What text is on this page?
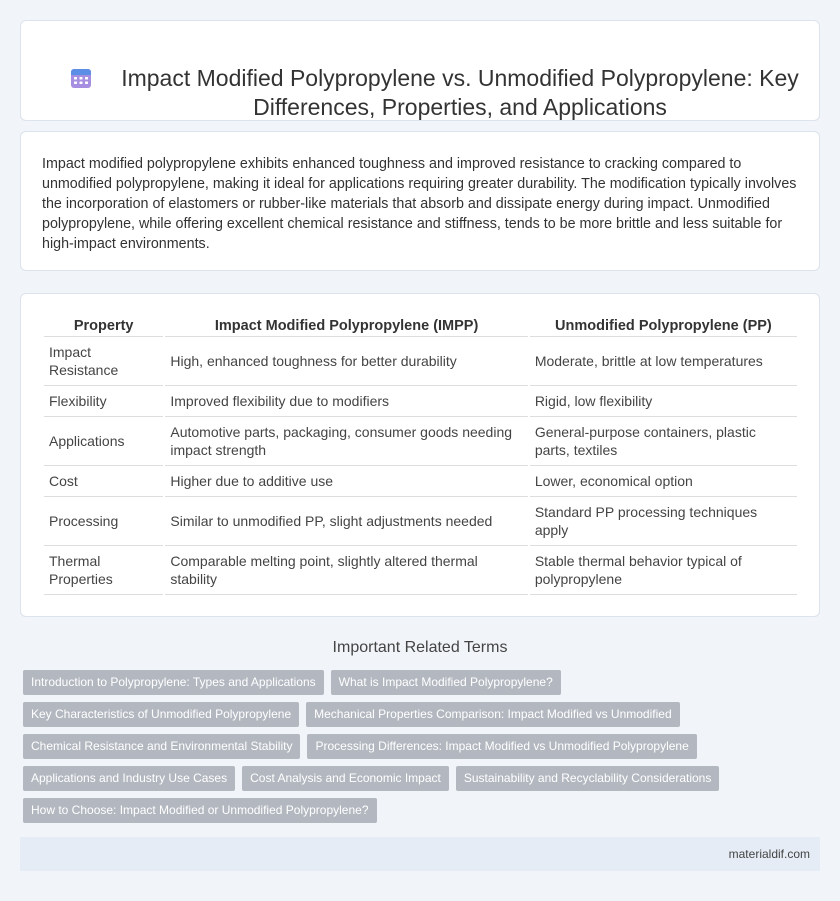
Impact Modified Polypropylene vs. Unmodified Polypropylene: Key Differences, Properties, and Applications

Impact modified polypropylene exhibits enhanced toughness and improved resistance to cracking compared to unmodified polypropylene, making it ideal for applications requiring greater durability. The modification typically involves the incorporation of elastomers or rubber-like materials that absorb and dissipate energy during impact. Unmodified polypropylene, while offering excellent chemical resistance and stiffness, tends to be more brittle and less suitable for high-impact environments.

Property	Impact Modified Polypropylene (IMPP)	Unmodified Polypropylene (PP)
Impact Resistance	High, enhanced toughness for better durability	Moderate, brittle at low temperatures
Flexibility	Improved flexibility due to modifiers	Rigid, low flexibility
Applications	Automotive parts, packaging, consumer goods needing impact strength	General-purpose containers, plastic parts, textiles
Cost	Higher due to additive use	Lower, economical option
Processing	Similar to unmodified PP, slight adjustments needed	Standard PP processing techniques apply
Thermal Properties	Comparable melting point, slightly altered thermal stability	Stable thermal behavior typical of polypropylene
Important Related Terms
Introduction to Polypropylene: Types and Applications	What is Impact Modified Polypropylene?
Key Characteristics of Unmodified Polypropylene	Mechanical Properties Comparison: Impact Modified vs Unmodified
Chemical Resistance and Environmental Stability	Processing Differences: Impact Modified vs Unmodified Polypropylene
Applications and Industry Use Cases	Cost Analysis and Economic Impact	Sustainability and Recyclability Considerations
How to Choose: Impact Modified or Unmodified Polypropylene?
materialdif.com
